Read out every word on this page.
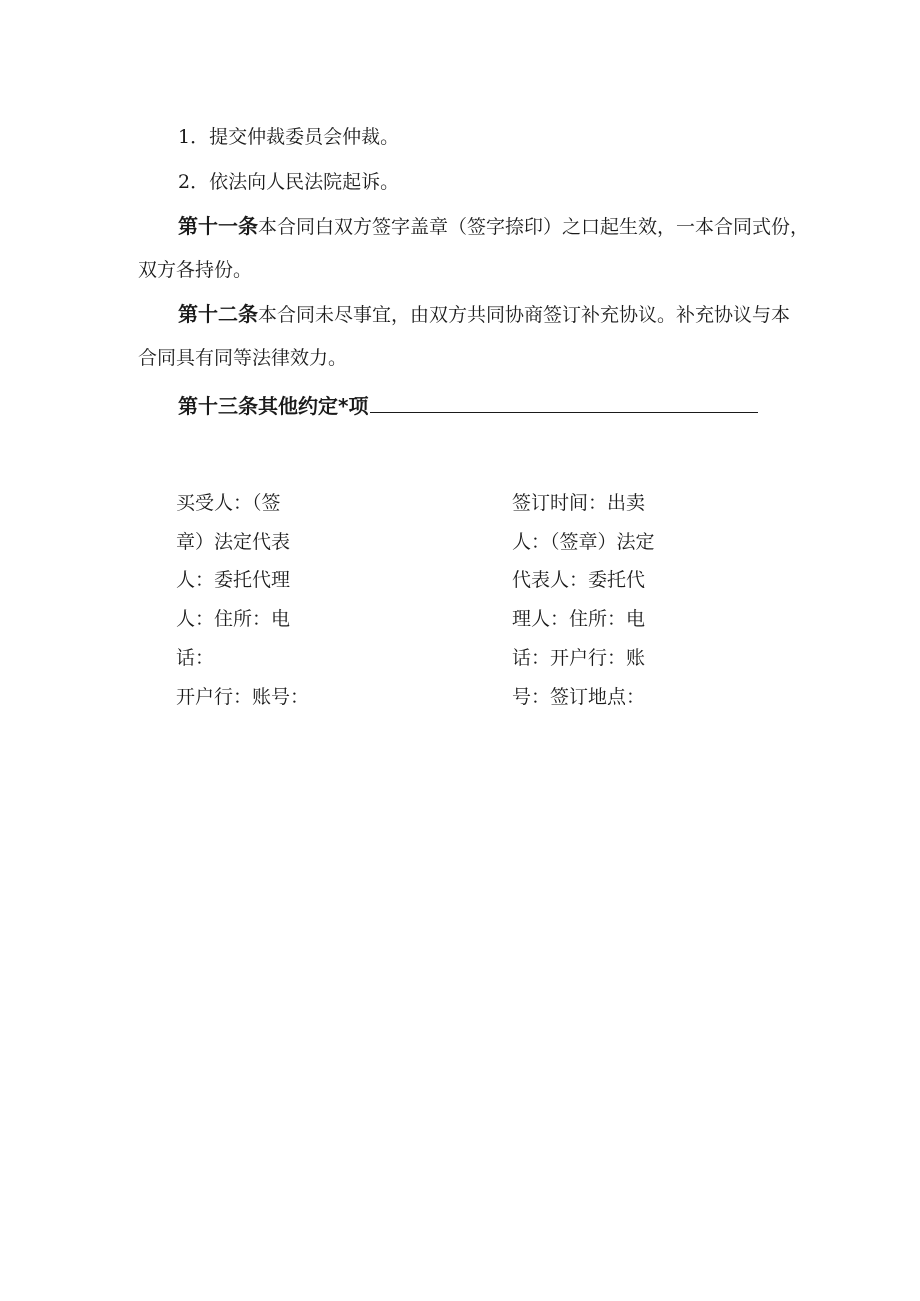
1．提交仲裁委员会仲裁。
2．依法向人民法院起诉。
第十一条本合同白双方签字盖章（签字捺印）之口起生效，一本合同式份，
双方各持份。
第十二条本合同未尽事宜，由双方共同协商签订补充协议。补充协议与本
合同具有同等法律效力。
第十三条其他约定*项
买受人：（签
章）法定代表
人：委托代理
人：住所：电
话：
开户行：账号：
签订时间：出卖
人：（签章）法定
代表人：委托代
理人：住所：电
话：开户行：账
号：签订地点：
